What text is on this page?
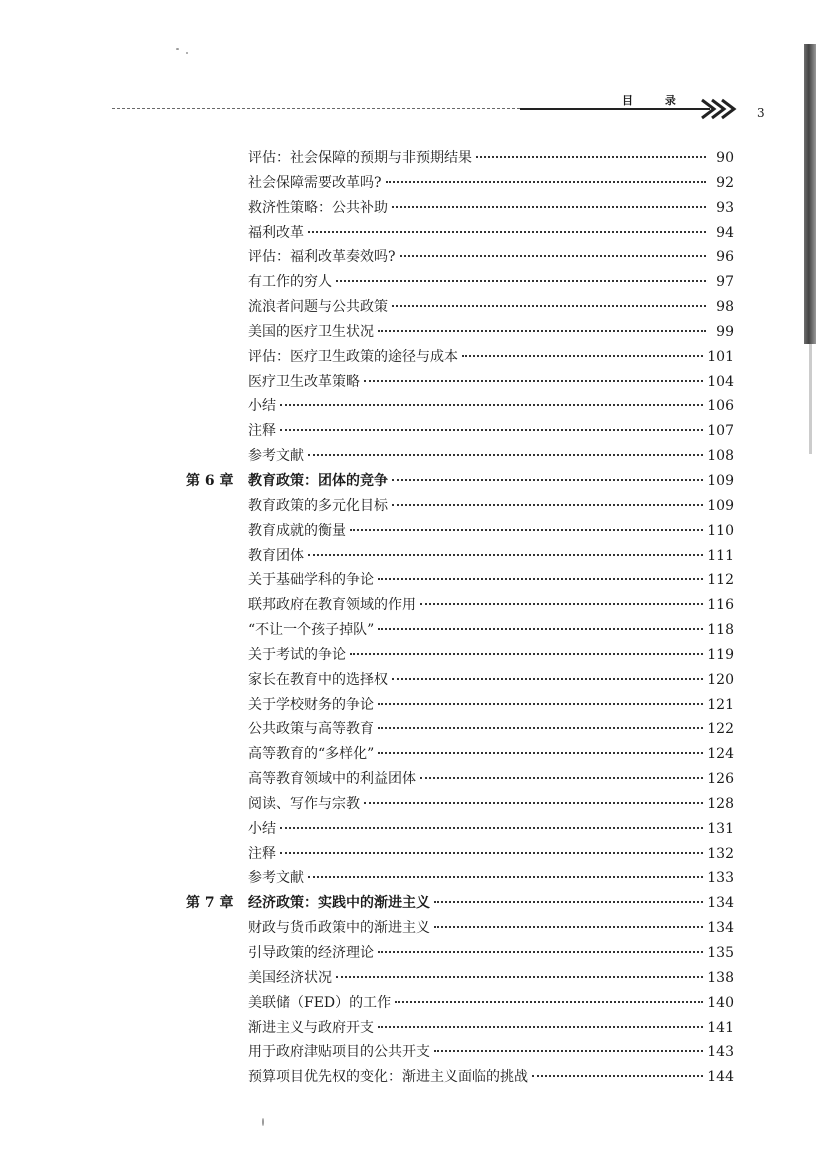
目 录
3
评估：社会保障的预期与非预期结果	90
社会保障需要改革吗?	92
救济性策略：公共补助	93
福利改革	94
评估：福利改革奏效吗?	96
有工作的穷人	97
流浪者问题与公共政策	98
美国的医疗卫生状况	99
评估：医疗卫生政策的途径与成本	101
医疗卫生改革策略	104
小结	106
注释	107
参考文献	108
第 6 章 教育政策：团体的竞争	109
教育政策的多元化目标	109
教育成就的衡量	110
教育团体	111
关于基础学科的争论	112
联邦政府在教育领域的作用	116
“不让一个孩子掉队”	118
关于考试的争论	119
家长在教育中的选择权	120
关于学校财务的争论	121
公共政策与高等教育	122
高等教育的“多样化”	124
高等教育领域中的利益团体	126
阅读、写作与宗教	128
小结	131
注释	132
参考文献	133
第 7 章 经济政策：实践中的渐进主义	134
财政与货币政策中的渐进主义	134
引导政策的经济理论	135
美国经济状况	138
美联储（FED）的工作	140
渐进主义与政府开支	141
用于政府津贴项目的公共开支	143
预算项目优先权的变化：渐进主义面临的挑战	144
